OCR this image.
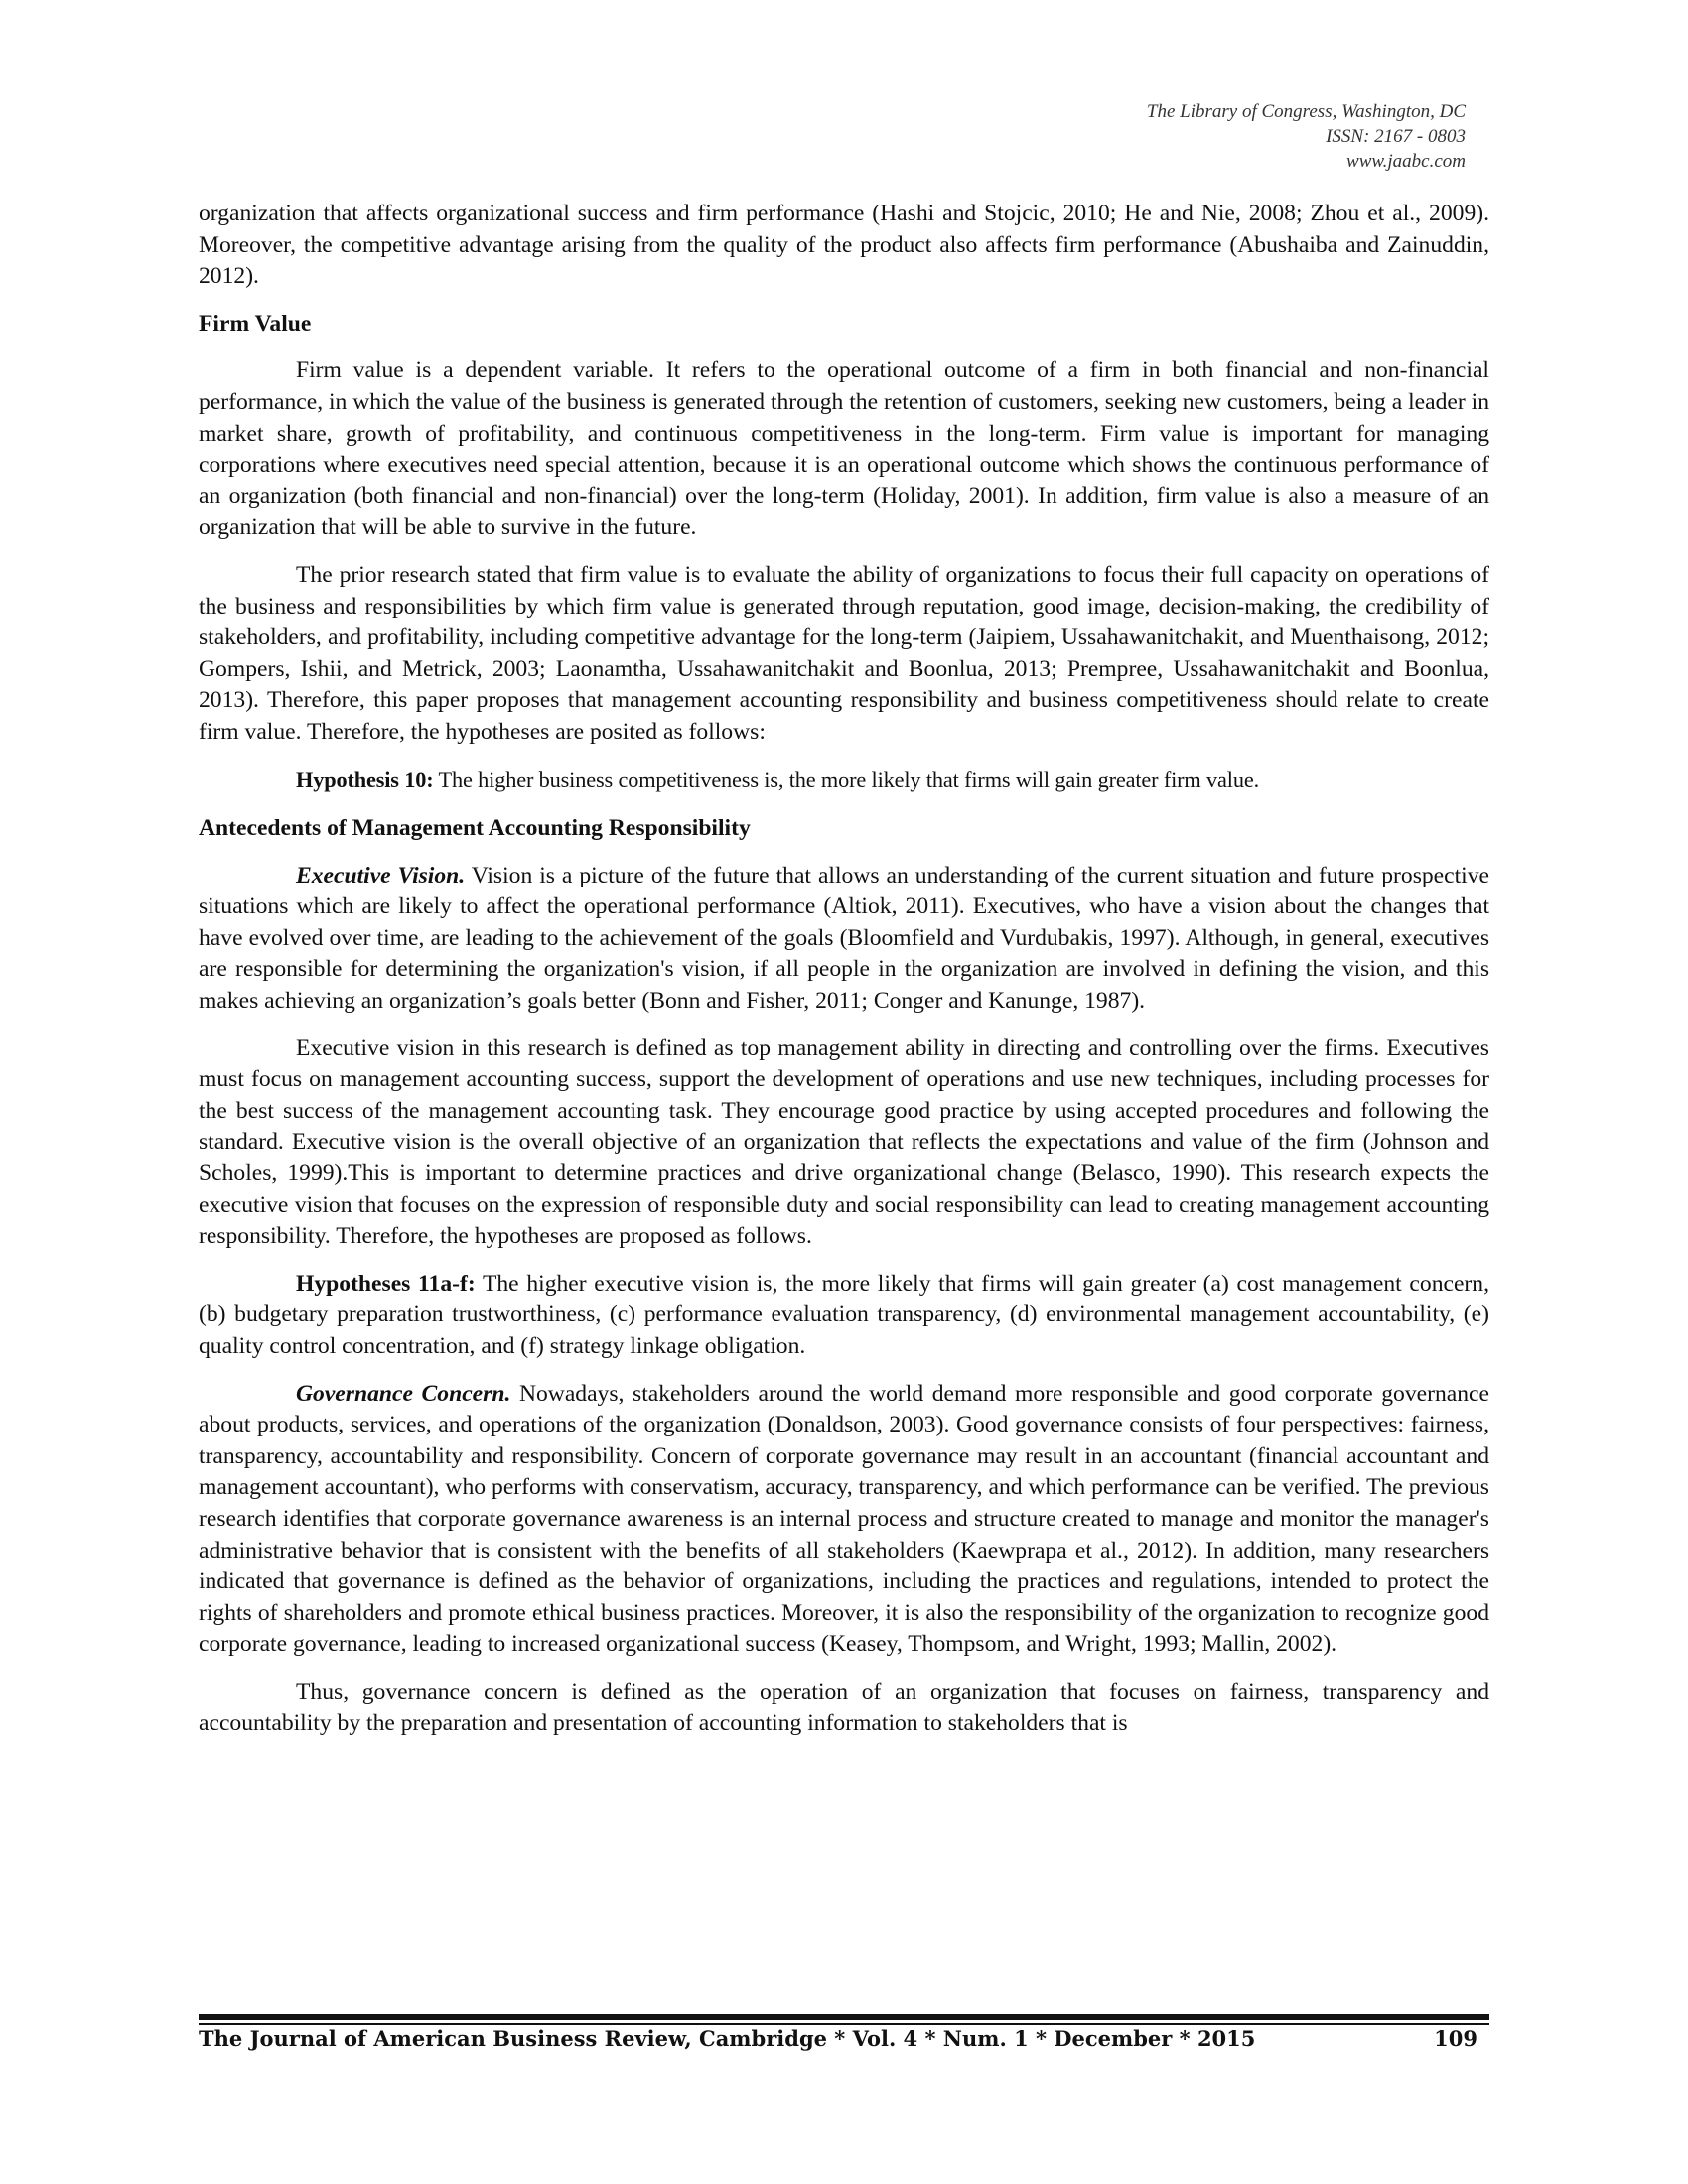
The Library of Congress, Washington, DC
ISSN: 2167 - 0803
www.jaabc.com

organization that affects organizational success and firm performance (Hashi and Stojcic, 2010; He and Nie, 2008; Zhou et al., 2009). Moreover, the competitive advantage arising from the quality of the product also affects firm performance (Abushaiba and Zainuddin, 2012).

Firm Value

Firm value is a dependent variable. It refers to the operational outcome of a firm in both financial and non-financial performance, in which the value of the business is generated through the retention of customers, seeking new customers, being a leader in market share, growth of profitability, and continuous competitiveness in the long-term. Firm value is important for managing corporations where executives need special attention, because it is an operational outcome which shows the continuous performance of an organization (both financial and non-financial) over the long-term (Holiday, 2001). In addition, firm value is also a measure of an organization that will be able to survive in the future.

The prior research stated that firm value is to evaluate the ability of organizations to focus their full capacity on operations of the business and responsibilities by which firm value is generated through reputation, good image, decision-making, the credibility of stakeholders, and profitability, including competitive advantage for the long-term (Jaipiem, Ussahawanitchakit, and Muenthaisong, 2012; Gompers, Ishii, and Metrick, 2003; Laonamtha, Ussahawanitchakit and Boonlua, 2013; Prempree, Ussahawanitchakit and Boonlua, 2013). Therefore, this paper proposes that management accounting responsibility and business competitiveness should relate to create firm value. Therefore, the hypotheses are posited as follows:

Hypothesis 10: The higher business competitiveness is, the more likely that firms will gain greater firm value.

Antecedents of Management Accounting Responsibility

Executive Vision. Vision is a picture of the future that allows an understanding of the current situation and future prospective situations which are likely to affect the operational performance (Altiok, 2011). Executives, who have a vision about the changes that have evolved over time, are leading to the achievement of the goals (Bloomfield and Vurdubakis, 1997). Although, in general, executives are responsible for determining the organization's vision, if all people in the organization are involved in defining the vision, and this makes achieving an organization’s goals better (Bonn and Fisher, 2011; Conger and Kanunge, 1987).

Executive vision in this research is defined as top management ability in directing and controlling over the firms. Executives must focus on management accounting success, support the development of operations and use new techniques, including processes for the best success of the management accounting task. They encourage good practice by using accepted procedures and following the standard. Executive vision is the overall objective of an organization that reflects the expectations and value of the firm (Johnson and Scholes, 1999).This is important to determine practices and drive organizational change (Belasco, 1990). This research expects the executive vision that focuses on the expression of responsible duty and social responsibility can lead to creating management accounting responsibility. Therefore, the hypotheses are proposed as follows.

Hypotheses 11a-f: The higher executive vision is, the more likely that firms will gain greater (a) cost management concern, (b) budgetary preparation trustworthiness, (c) performance evaluation transparency, (d) environmental management accountability, (e) quality control concentration, and (f) strategy linkage obligation.

Governance Concern. Nowadays, stakeholders around the world demand more responsible and good corporate governance about products, services, and operations of the organization (Donaldson, 2003). Good governance consists of four perspectives: fairness, transparency, accountability and responsibility. Concern of corporate governance may result in an accountant (financial accountant and management accountant), who performs with conservatism, accuracy, transparency, and which performance can be verified. The previous research identifies that corporate governance awareness is an internal process and structure created to manage and monitor the manager's administrative behavior that is consistent with the benefits of all stakeholders (Kaewprapa et al., 2012). In addition, many researchers indicated that governance is defined as the behavior of organizations, including the practices and regulations, intended to protect the rights of shareholders and promote ethical business practices. Moreover, it is also the responsibility of the organization to recognize good corporate governance, leading to increased organizational success (Keasey, Thompsom, and Wright, 1993; Mallin, 2002).

Thus, governance concern is defined as the operation of an organization that focuses on fairness, transparency and accountability by the preparation and presentation of accounting information to stakeholders that is

The Journal of American Business Review, Cambridge * Vol. 4 * Num. 1 * December * 2015	109
